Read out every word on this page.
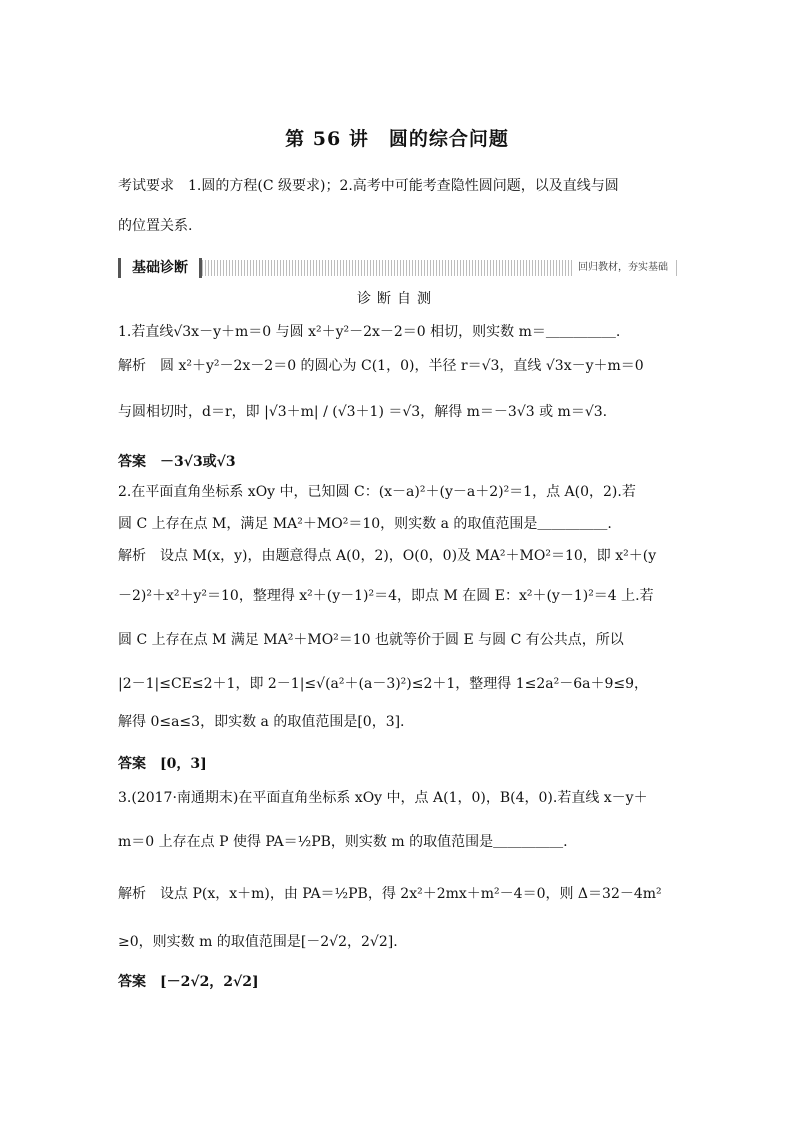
第 56 讲　圆的综合问题
考试要求　1.圆的方程(C 级要求)；2.高考中可能考查隐性圆问题，以及直线与圆
的位置关系.
基础诊断	回归教材，夯实基础
诊断自测
1.若直线√3x－y＋m＝0 与圆 x²＋y²－2x－2＝0 相切，则实数 m＝＿＿＿＿＿.
解析　圆 x²＋y²－2x－2＝0 的圆心为 C(1，0)，半径 r＝√3，直线 √3x－y＋m＝0
与圆相切时，d＝r，即 |√3＋m| / (√3＋1) ＝√3，解得 m＝－3√3 或 m＝√3.
答案　－3√3或√3
2.在平面直角坐标系 xOy 中，已知圆 C：(x－a)²＋(y－a＋2)²＝1，点 A(0，2).若
圆 C 上存在点 M，满足 MA²＋MO²＝10，则实数 a 的取值范围是＿＿＿＿＿.
解析　设点 M(x，y)，由题意得点 A(0，2)，O(0，0)及 MA²＋MO²＝10，即 x²＋(y
－2)²＋x²＋y²＝10，整理得 x²＋(y－1)²＝4，即点 M 在圆 E：x²＋(y－1)²＝4 上.若
圆 C 上存在点 M 满足 MA²＋MO²＝10 也就等价于圆 E 与圆 C 有公共点，所以
|2－1|≤CE≤2＋1，即 2－1|≤√(a²＋(a－3)²)≤2＋1，整理得 1≤2a²－6a＋9≤9，
解得 0≤a≤3，即实数 a 的取值范围是[0，3].
答案　[0，3]
3.(2017·南通期末)在平面直角坐标系 xOy 中，点 A(1，0)，B(4，0).若直线 x－y＋
m＝0 上存在点 P 使得 PA＝½PB，则实数 m 的取值范围是＿＿＿＿＿.
解析　设点 P(x，x＋m)，由 PA＝½PB，得 2x²＋2mx＋m²－4＝0，则 Δ＝32－4m²
≥0，则实数 m 的取值范围是[－2√2，2√2].
答案　[－2√2，2√2]
